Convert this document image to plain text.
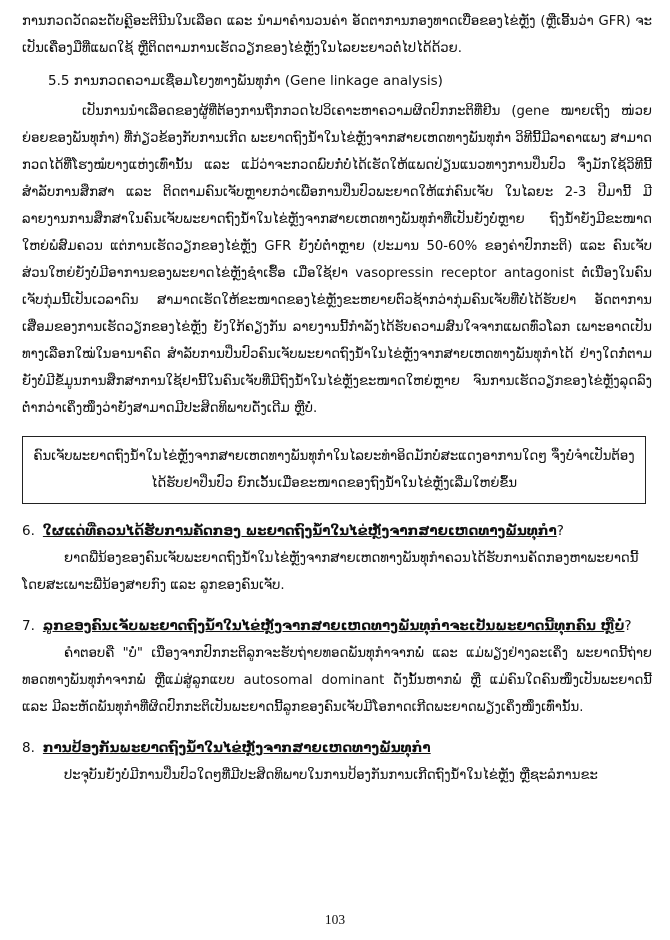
ການກວດວັດລະດັບຄຼີອະຕີນີນໃນເລືອດ ແລະ ນຳມາຄຳນວນຄ່າ ອັດຕາການກອງທາດເບື່ອຂອງໄຂ່ຫຼັງ (ຫຼືເອີ້ນວ່າ GFR) ຈະເປັນເຄື່ອງມືທີ່ແພດໃຊ້ ຫຼືຕິດຕາມການເຮັດວຽກຂອງໄຂ່ຫຼັງໃນໄລຍະຍາວຕໍ່ໄປໄດ້ດ້ວຍ.

5.5 ການກວດຄວາມເຊື່ອມໂຍງທາງພັນທຸກຳ (Gene linkage analysis)

ເປັນການນຳເລືອດຂອງຜູ້ທີ່ຕ້ອງການຖືກກວດໄປວິເຄາະຫາຄວາມຜິດປົກກະຕິທີ່ຢີນ (gene ໝາຍເຖິງ ໜ່ວຍຍ່ອຍຂອງພັນທຸກຳ) ທີ່ກ່ຽວຂ້ອງກັບການເກີດ ພະຍາດຖົງນ້ຳໃນໄຂ່ຫຼັງຈາກສາຍເຫດທາງພັນທຸກຳ ວິທີນີ້ມີລາຄາແພງ ສາມາດກວດໄດ້ທີ່ໂຮງໝໍບາງແຫ່ງເທົ່ານັ້ນ ແລະ ແມ້ວ່າຈະກວດພົບກໍ່ບໍ່ໄດ້ເຮັດໃຫ້ແພດປ່ຽນແນວທາງການປິ່ນປົວ ຈຶ່ງມັກໃຊ້ວິທີນີ້ສຳລັບການສຶກສາ ແລະ ຕິດຕາມຄົນເຈັບຫຼາຍກວ່າເພື່ອການປິ່ນປົວພະຍາດໃຫ້ແກ່ຄົນເຈັບ ໃນໄລຍະ 2-3 ປີມານີ້ ມີລາຍງານການສຶກສາໃນຄົນເຈັບພະຍາດຖົງນ້ຳໃນໄຂ່ຫຼັງຈາກສາຍເຫດທາງພັນທຸກຳທີ່ເປັນຍັງບໍ່ຫຼາຍ ຖົງນ້ຳຍັງມີຂະໜາດໃຫຍ່ພໍສົມຄວນ ແຕ່ການເຮັດວຽກຂອງໄຂ່ຫຼັງ GFR ຍັງບໍ່ຕ່ຳຫຼາຍ (ປະມານ 50-60% ຂອງຄ່າປົກກະຕິ) ແລະ ຄົນເຈັບສ່ວນໃຫຍ່ຍັງບໍ່ມີອາການຂອງພະຍາດໄຂ່ຫຼັງຊຳເຮື້ອ ເມື່ອໃຊ້ຢາ vasopressin receptor antagonist ຕໍ່ເນື່ອງໃນຄົນເຈັບກຸ່ມນີ້ເປັນເວລາດົນ ສາມາດເຮັດໃຫ້ຂະໜາດຂອງໄຂ່ຫຼັງຂະຫຍາຍຕົວຊ້າກວ່າກຸ່ມຄົນເຈັບທີ່ບໍ່ໄດ້ຮັບຢາ ອັດຕາການເສື່ອມຂອງການເຮັດວຽກຂອງໄຂ່ຫຼັງ ຍັງໃກ້ຄຽງກັນ ລາຍງານນີ້ກຳລັງໄດ້ຮັບຄວາມສົນໃຈຈາກແພດທົ່ວໂລກ ເພາະອາດເປັນທາງເລືອກໃໝ່ໃນອານາຄົດ ສຳລັບການປິ່ນປົວຄົນເຈັບພະຍາດຖົງນ້ຳໃນໄຂ່ຫຼັງຈາກສາຍເຫດທາງພັນທຸກຳໄດ້ ຢ່າງໃດກໍ່ຕາມຍັງບໍ່ມີຂໍ້ມູນການສຶກສາການໃຊ້ຢານີ້ໃນຄົນເຈັບທີ່ມີຖົງນ້ຳໃນໄຂ່ຫຼັງຂະໜາດໃຫຍ່ຫຼາຍ ຈົນການເຮັດວຽກຂອງໄຂ່ຫຼັງລຸດລົງຕ່ຳກວ່າເຄິ່ງໜຶ່ງວ່າຍັງສາມາດມີປະສິດທິພາບດັ່ງເດີມ ຫຼືບໍ່.

ຄົນເຈັບພະຍາດຖົງນ້ຳໃນໄຂ່ຫຼັງຈາກສາຍເຫດທາງພັນທຸກຳໃນໄລຍະທຳອິດມັກບໍ່ສະແດງອາການໃດໆ ຈຶ່ງບໍ່ຈຳເປັນຕ້ອງໄດ້ຮັບຢາປິ່ນປົວ ຍົກເວັ້ນເມື່ອຂະໜາດຂອງຖົງນ້ຳໃນໄຂ່ຫຼັງເລີ່ມໃຫຍ່ຂຶ້ນ
6. ໃຜແດ່ທີ່ຄວນໄດ້ຮັບການຄັດກອງ ພະຍາດຖົງນ້ຳໃນໄຂ່ຫຼັງຈາກສາຍເຫດທາງພັນທຸກຳ?

ຍາດພີ່ນ້ອງຂອງຄົນເຈັບພະຍາດຖົງນ້ຳໃນໄຂ່ຫຼັງຈາກສາຍເຫດທາງພັນທຸກຳຄວນໄດ້ຮັບການຄັດກອງຫາພະຍາດນີ້ ໂດຍສະເພາະພີ່ນ້ອງສາຍກົງ ແລະ ລູກຂອງຄົນເຈັບ.

7. ລູກຂອງຄົນເຈັບພະຍາດຖົງນ້ຳໃນໄຂ່ຫຼັງຈາກສາຍເຫດທາງພັນທຸກຳຈະເປັນພະຍາດນີ້ທຸກຄົນ ຫຼືບໍ່?

ຄຳຕອບຄື "ບໍ່" ເນື່ອງຈາກປົກກະຕິລູກຈະຮັບຖ່າຍທອດພັນທຸກຳຈາກພໍ່ ແລະ ແມ່ພຽງຢ່າງລະເຄິ່ງ ພະຍາດນີ້ຖ່າຍທອດທາງພັນທຸກຳຈາກພໍ່ ຫຼືແມ່ສູ່ລູກແບບ autosomal dominant ດັ່ງນັ້ນຫາກພໍ່ ຫຼື ແມ່ຄົນໃດຄົນໜຶ່ງເປັນພະຍາດນີ້ ແລະ ມີລະຫັດພັນທຸກຳທີ່ຜິດປົກກະຕິເປັນພະຍາດນີ້ລູກຂອງຄົນເຈັບມີໂອກາດເກີດພະຍາດພຽງເຄິ່ງໜຶ່ງເທົ່ານັ້ນ.

8. ການປ້ອງກັນພະຍາດຖົງນ້ຳໃນໄຂ່ຫຼັງຈາກສາຍເຫດທາງພັນທຸກຳ

ປະຈຸບັນຍັງບໍ່ມີການປິ່ນປົວໃດໆທີ່ມີປະສິດທິພາບໃນການປ້ອງກັນການເກີດຖົງນ້ຳໃນໄຂ່ຫຼັງ ຫຼືຊະລໍການຂະ

103
